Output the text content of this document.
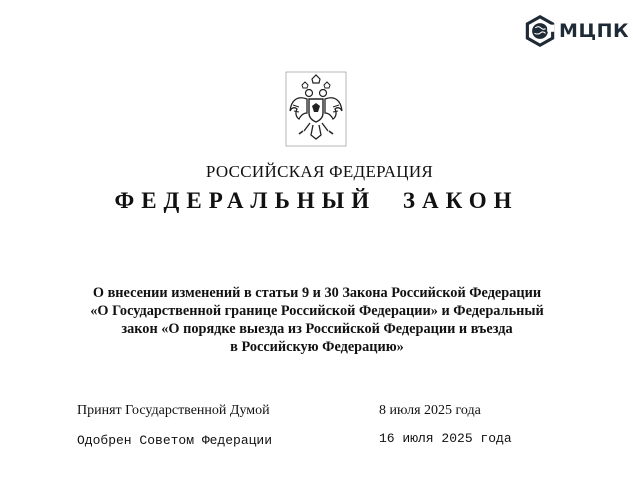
МЦПК
РОССИЙСКАЯ ФЕДЕРАЦИЯ
ФЕДЕРАЛЬНЫЙ ЗАКОН
О внесении изменений в статьи 9 и 30 Закона Российской Федерации
«О Государственной границе Российской Федерации» и Федеральный
закон «О порядке выезда из Российской Федерации и въезда
в Российскую Федерацию»
Принят Государственной Думой	8 июля 2025 года
Одобрен Советом Федерации	16 июля 2025 года
